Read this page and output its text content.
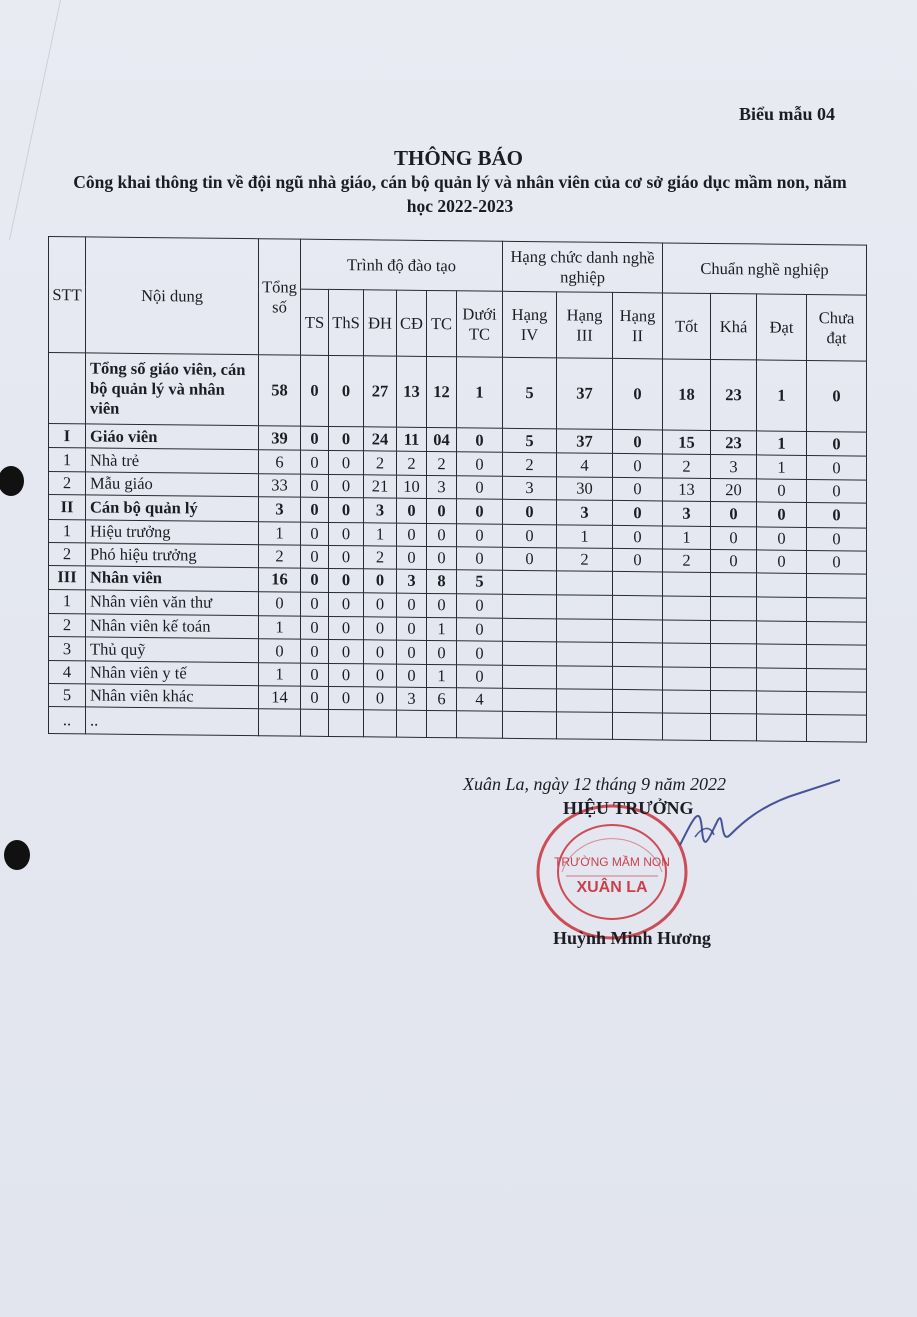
Biểu mẫu 04
THÔNG BÁO
Công khai thông tin về đội ngũ nhà giáo, cán bộ quản lý và nhân viên của cơ sở giáo dục mầm non, năm học 2022-2023
STT	Nội dung	Tổng số	Trình độ đào tạo						Hạng chức danh nghề nghiệp			Chuẩn nghề nghiệp			
			TS	ThS	ĐH	CĐ	TC	Dưới TC	Hạng IV	Hạng III	Hạng II	Tốt	Khá	Đạt	Chưa đạt
	Tổng số giáo viên, cán bộ quản lý và nhân viên	58	0	0	27	13	12	1	5	37	0	18	23	1	0
I	Giáo viên	39	0	0	24	11	04	0	5	37	0	15	23	1	0
1	Nhà trẻ	6	0	0	2	2	2	0	2	4	0	2	3	1	0
2	Mẫu giáo	33	0	0	21	10	3	0	3	30	0	13	20	0	0
II	Cán bộ quản lý	3	0	0	3	0	0	0	0	3	0	3	0	0	0
1	Hiệu trưởng	1	0	0	1	0	0	0	0	1	0	1	0	0	0
2	Phó hiệu trưởng	2	0	0	2	0	0	0	0	2	0	2	0	0	0
III	Nhân viên	16	0	0	0	3	8	5							
1	Nhân viên văn thư	0	0	0	0	0	0	0							
2	Nhân viên kế toán	1	0	0	0	0	1	0							
3	Thủ quỹ	0	0	0	0	0	0	0							
4	Nhân viên y tế	1	0	0	0	0	1	0							
5	Nhân viên khác	14	0	0	0	3	6	4							
..	..														
Xuân La, ngày 12 tháng 9 năm 2022
TRƯỜNG MẦM NON
XUÂN LA
HIỆU TRƯỞNG
Huỳnh Minh Hương
